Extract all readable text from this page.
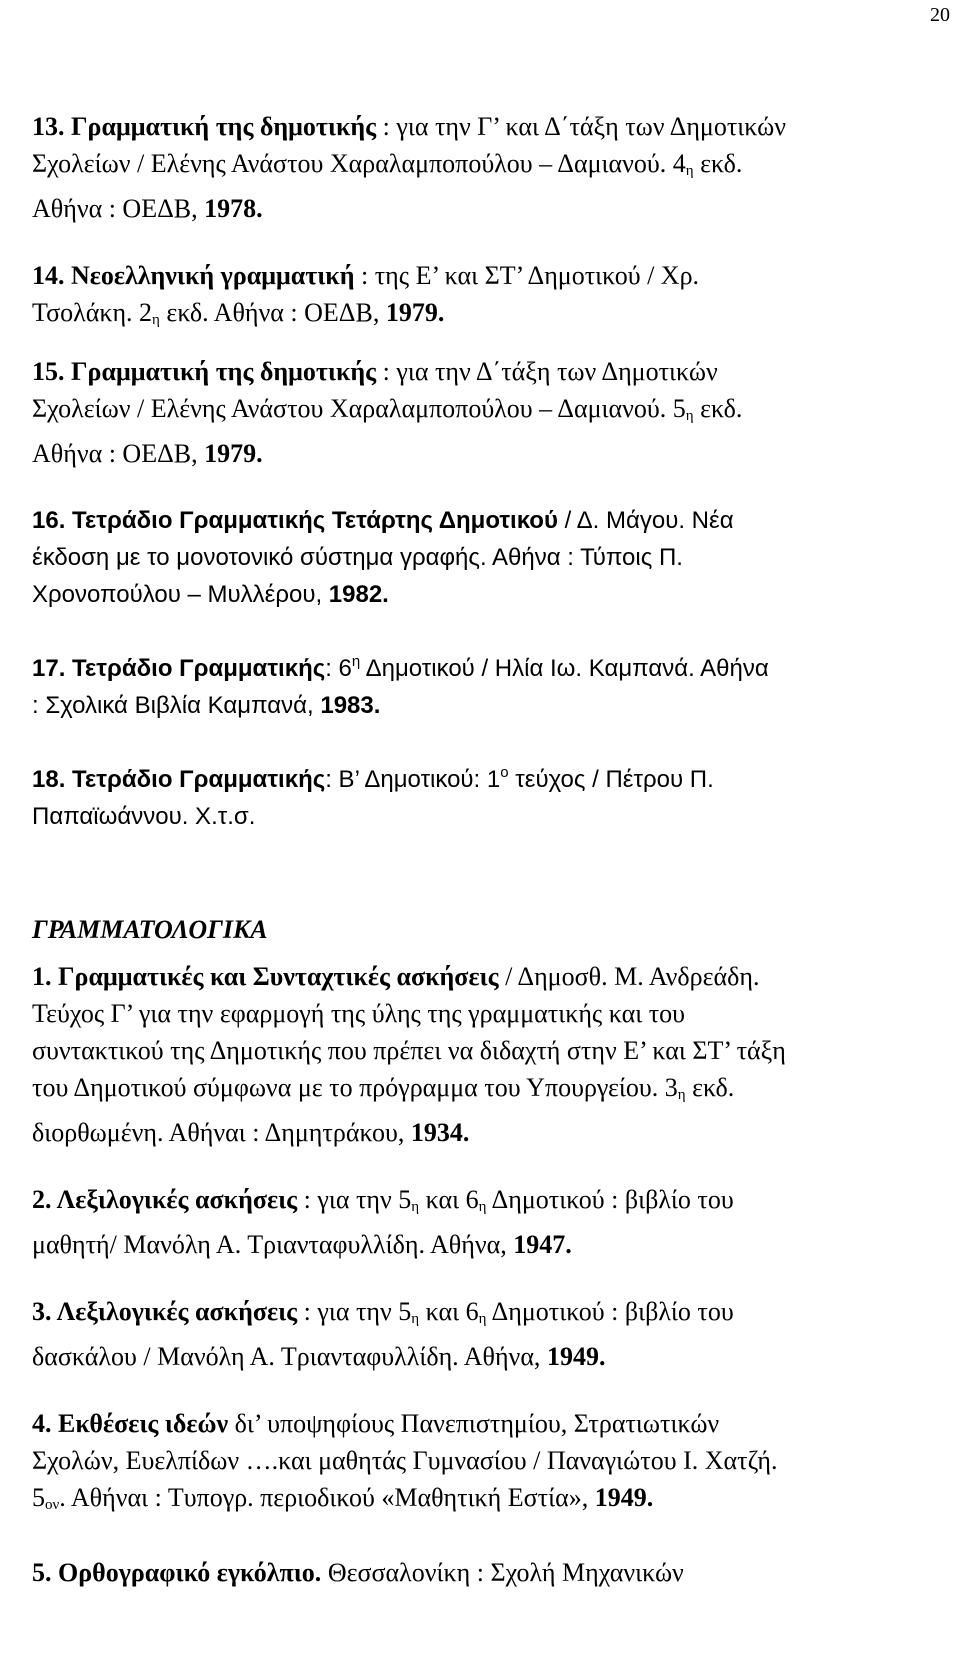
20
13. Γραμματική της δημοτικής : για την Γ’ και Δ΄τάξη των Δημοτικών
Σχολείων / Ελένης Ανάστου Χαραλαμποπούλου – Δαμιανού. $4_\eta$ εκδ.
Αθήνα : ΟΕΔΒ, 1978.
14. Νεοελληνική γραμματική : της Ε’ και ΣΤ’ Δημοτικού / Χρ.
Τσολάκη. $2_\eta$ εκδ. Αθήνα : ΟΕΔΒ, 1979.
15. Γραμματική της δημοτικής : για την Δ΄τάξη των Δημοτικών
Σχολείων / Ελένης Ανάστου Χαραλαμποπούλου – Δαμιανού. $5_\eta$ εκδ.
Αθήνα : ΟΕΔΒ, 1979.
16. Τετράδιο Γραμματικής Τετάρτης Δημοτικού / Δ. Μάγου. Νέα
έκδοση με το μονοτονικό σύστημα γραφής. Αθήνα : Τύποις Π.
Χρονοπούλου – Μυλλέρου, 1982.
17. Τετράδιο Γραμματικής: $6^\eta$ Δημοτικού / Ηλία Ιω. Καμπανά. Αθήνα
: Σχολικά Βιβλία Καμπανά, 1983.
18. Τετράδιο Γραμματικής: Β’ Δημοτικού: $1^o$ τεύχος / Πέτρου Π.
Παπαϊωάννου. Χ.τ.σ.
ΓΡΑΜΜΑΤΟΛΟΓΙΚΑ
1. Γραμματικές και Συνταχτικές ασκήσεις / Δημοσθ. Μ. Ανδρεάδη.
Τεύχος Γ’ για την εφαρμογή της ύλης της γραμματικής και του
συντακτικού της Δημοτικής που πρέπει να διδαχτή στην Ε’ και ΣΤ’ τάξη
του Δημοτικού σύμφωνα με το πρόγραμμα του Υπουργείου. $3_\eta$ εκδ.
διορθωμένη. Αθήναι : Δημητράκου, 1934.
2. Λεξιλογικές ασκήσεις : για την $5_\eta$ και $6_\eta$ Δημοτικού : βιβλίο του
μαθητή/ Μανόλη Α. Τριανταφυλλίδη. Αθήνα, 1947.
3. Λεξιλογικές ασκήσεις : για την $5_\eta$ και $6_\eta$ Δημοτικού : βιβλίο του
δασκάλου / Μανόλη Α. Τριανταφυλλίδη. Αθήνα, 1949.
4. Εκθέσεις ιδεών δι’ υποψηφίους Πανεπιστημίου, Στρατιωτικών
Σχολών, Ευελπίδων ….και μαθητάς Γυμνασίου / Παναγιώτου Ι. Χατζή.
$5_{o\nu}$. Αθήναι : Τυπογρ. περιοδικού «Μαθητική Εστία», 1949.
5. Ορθογραφικό εγκόλπιο. Θεσσαλονίκη : Σχολή Μηχανικών
